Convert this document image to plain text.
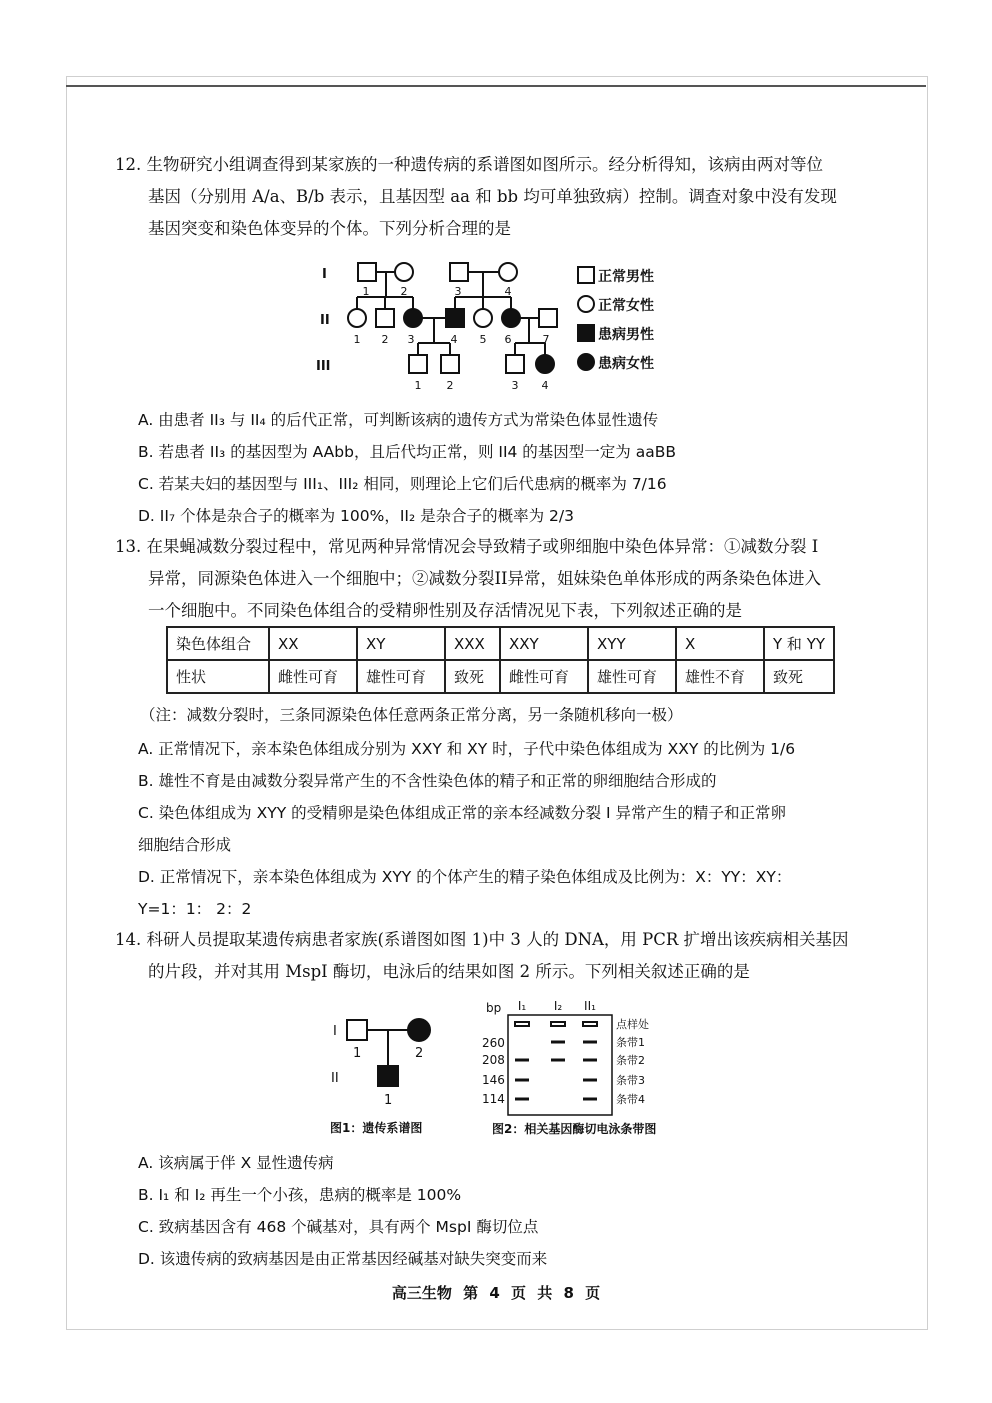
12. 生物研究小组调查得到某家族的一种遗传病的系谱图如图所示。经分析得知，该病由两对等位
基因（分别用 A/a、B/b 表示，且基因型 aa 和 bb 均可单独致病）控制。调查对象中没有发现
基因突变和染色体变异的个体。下列分析合理的是
I
II
III
1	2	3	4
1 2 3	4 5 6	7
1 2	3 4
正常男性
正常女性
患病男性
患病女性
A. 由患者 II₃ 与 II₄ 的后代正常，可判断该病的遗传方式为常染色体显性遗传
B. 若患者 II₃ 的基因型为 AAbb，且后代均正常，则 II4 的基因型一定为 aaBB
C. 若某夫妇的基因型与 III₁、III₂ 相同，则理论上它们后代患病的概率为 7/16
D. II₇ 个体是杂合子的概率为 100%，II₂ 是杂合子的概率为 2/3
13. 在果蝇减数分裂过程中，常见两种异常情况会导致精子或卵细胞中染色体异常：①减数分裂 I
异常，同源染色体进入一个细胞中；②减数分裂II异常，姐妹染色单体形成的两条染色体进入
一个细胞中。不同染色体组合的受精卵性别及存活情况见下表，下列叙述正确的是
染色体组合	XX	XY	XXX	XXY	XYY	X	Y 和 YY
性状	雌性可育	雄性可育	致死	雌性可育	雄性可育	雄性不育	致死
（注：减数分裂时，三条同源染色体任意两条正常分离，另一条随机移向一极）
A. 正常情况下，亲本染色体组成分别为 XXY 和 XY 时，子代中染色体组成为 XXY 的比例为 1/6
B. 雄性不育是由减数分裂异常产生的不含性染色体的精子和正常的卵细胞结合形成的
C. 染色体组成为 XYY 的受精卵是染色体组成正常的亲本经减数分裂 I 异常产生的精子和正常卵
细胞结合形成
D. 正常情况下，亲本染色体组成为 XYY 的个体产生的精子染色体组成及比例为：X：YY：XY：
Y=1：1： 2：2
14. 科研人员提取某遗传病患者家族(系谱图如图 1)中 3 人的 DNA，用 PCR 扩增出该疾病相关基因
的片段，并对其用 MspI 酶切，电泳后的结果如图 2 所示。下列相关叙述正确的是
I
II
1	2
1
图1：遗传系谱图
bp I₁ I₂ II₁
260
208
146
114
点样处
条带1
条带2
条带3
条带4
图2：相关基因酶切电泳条带图
A. 该病属于伴 X 显性遗传病
B. I₁ 和 I₂ 再生一个小孩，患病的概率是 100%
C. 致病基因含有 468 个碱基对，具有两个 MspI 酶切位点
D. 该遗传病的致病基因是由正常基因经碱基对缺失突变而来
高三生物 第 4 页 共 8 页
